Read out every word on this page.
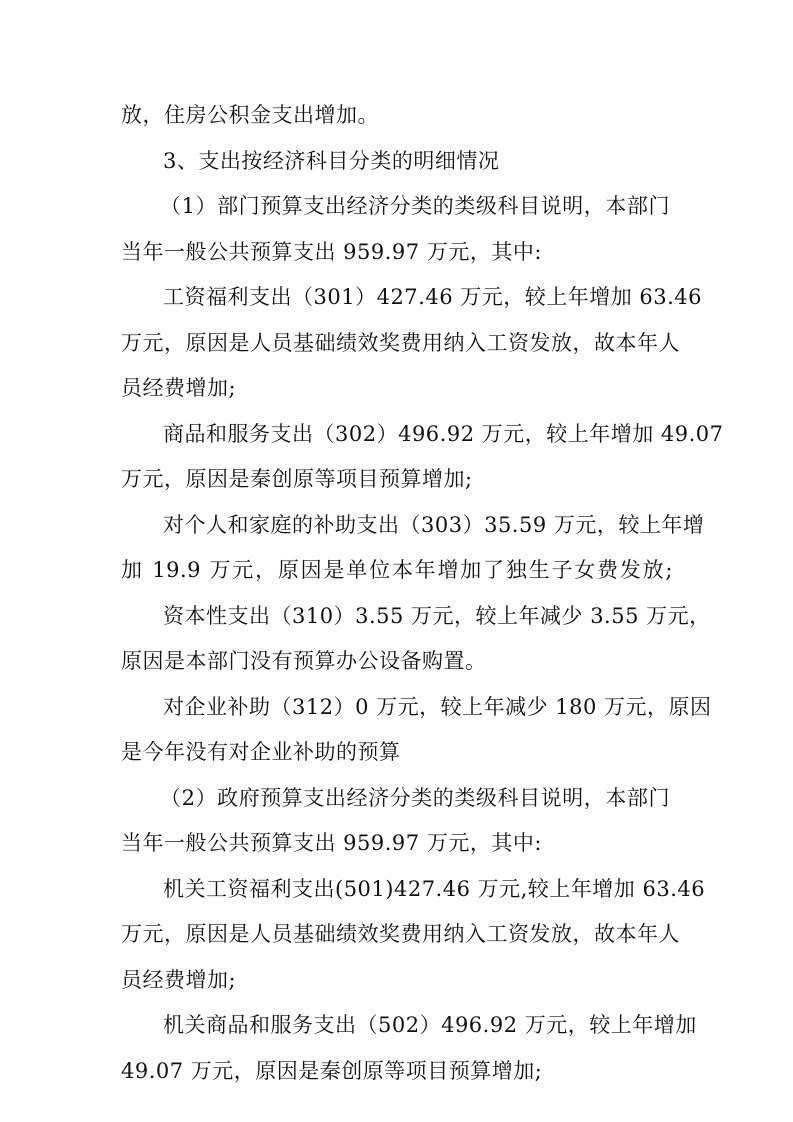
放，住房公积金支出增加。
3、支出按经济科目分类的明细情况
（1）部门预算支出经济分类的类级科目说明，本部门
当年一般公共预算支出 959.97 万元，其中:
工资福利支出（301）427.46 万元，较上年增加 63.46
万元，原因是人员基础绩效奖费用纳入工资发放，故本年人
员经费增加;
商品和服务支出（302）496.92 万元，较上年增加 49.07
万元，原因是秦创原等项目预算增加;
对个人和家庭的补助支出（303）35.59 万元，较上年增
加 19.9 万元，原因是单位本年增加了独生子女费发放;
资本性支出（310）3.55 万元，较上年减少 3.55 万元，
原因是本部门没有预算办公设备购置。
对企业补助（312）0 万元，较上年减少 180 万元，原因
是今年没有对企业补助的预算
（2）政府预算支出经济分类的类级科目说明，本部门
当年一般公共预算支出 959.97 万元，其中:
机关工资福利支出(501)427.46 万元,较上年增加 63.46
万元，原因是人员基础绩效奖费用纳入工资发放，故本年人
员经费增加;
机关商品和服务支出（502）496.92 万元，较上年增加
49.07 万元，原因是秦创原等项目预算增加;
